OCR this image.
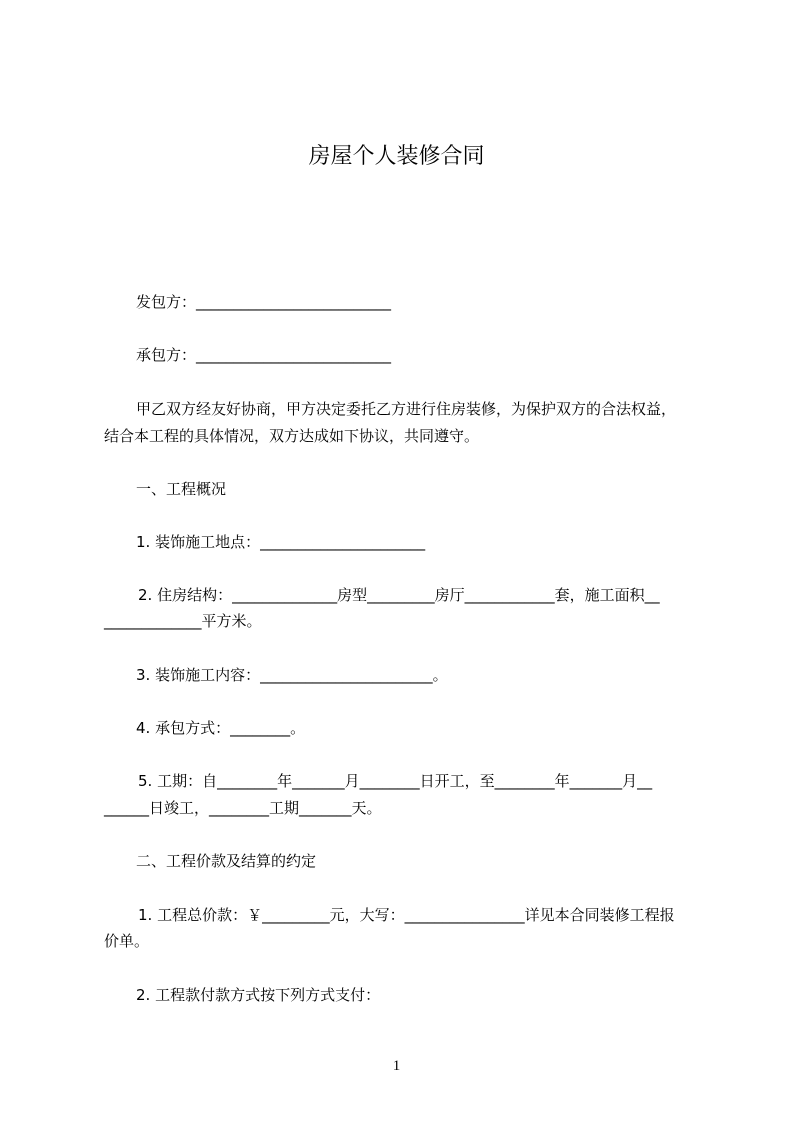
房屋个人装修合同
发包方：__________________________
承包方：__________________________
甲乙双方经友好协商，甲方决定委托乙方进行住房装修，为保护双方的合法权益，
结合本工程的具体情况，双方达成如下协议，共同遵守。
一、工程概况
1. 装饰施工地点：______________________
2. 住房结构：______________房型_________房厅____________套，施工面积__
_____________平方米。
3. 装饰施工内容：_______________________。
4. 承包方式：________。
5. 工期：自________年_______月________日开工，至________年_______月__
______日竣工，________工期_______天。
二、工程价款及结算的约定
1. 工程总价款：￥_________元，大写：________________详见本合同装修工程报
价单。
2. 工程款付款方式按下列方式支付：
1
